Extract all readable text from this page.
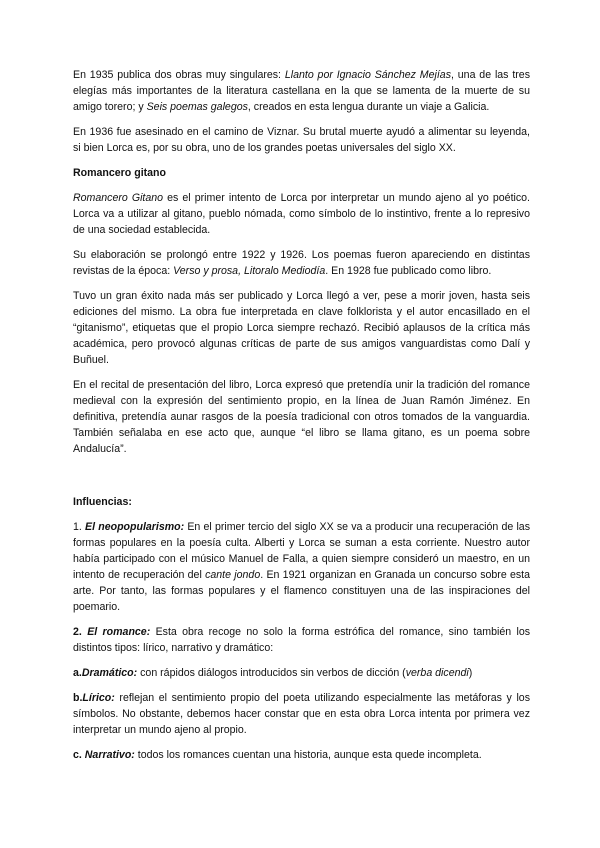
En 1935 publica dos obras muy singulares: Llanto por Ignacio Sánchez Mejías, una de las tres elegías más importantes de la literatura castellana en la que se lamenta de la muerte de su amigo torero; y Seis poemas galegos, creados en esta lengua durante un viaje a Galicia.

En 1936 fue asesinado en el camino de Viznar. Su brutal muerte ayudó a alimentar su leyenda, si bien Lorca es, por su obra, uno de los grandes poetas universales del siglo XX.

Romancero gitano

Romancero Gitano es el primer intento de Lorca por interpretar un mundo ajeno al yo poético. Lorca va a utilizar al gitano, pueblo nómada, como símbolo de lo instintivo, frente a lo represivo de una sociedad establecida.

Su elaboración se prolongó entre 1922 y 1926. Los poemas fueron apareciendo en distintas revistas de la época: Verso y prosa, Litoralo Mediodía. En 1928 fue publicado como libro.

Tuvo un gran éxito nada más ser publicado y Lorca llegó a ver, pese a morir joven, hasta seis ediciones del mismo. La obra fue interpretada en clave folklorista y el autor encasillado en el “gitanismo”, etiquetas que el propio Lorca siempre rechazó. Recibió aplausos de la crítica más académica, pero provocó algunas críticas de parte de sus amigos vanguardistas como Dalí y Buñuel.

En el recital de presentación del libro, Lorca expresó que pretendía unir la tradición del romance medieval con la expresión del sentimiento propio, en la línea de Juan Ramón Jiménez. En definitiva, pretendía aunar rasgos de la poesía tradicional con otros tomados de la vanguardia. También señalaba en ese acto que, aunque “el libro se llama gitano, es un poema sobre Andalucía”.

Influencias:

1. El neopopularismo: En el primer tercio del siglo XX se va a producir una recuperación de las formas populares en la poesía culta. Alberti y Lorca se suman a esta corriente. Nuestro autor había participado con el músico Manuel de Falla, a quien siempre consideró un maestro, en un intento de recuperación del cante jondo. En 1921 organizan en Granada un concurso sobre esta arte. Por tanto, las formas populares y el flamenco constituyen una de las inspiraciones del poemario.

2. El romance: Esta obra recoge no solo la forma estrófica del romance, sino también los distintos tipos: lírico, narrativo y dramático:

a.Dramático: con rápidos diálogos introducidos sin verbos de dicción (verba dicendi)

b.Lírico: reflejan el sentimiento propio del poeta utilizando especialmente las metáforas y los símbolos. No obstante, debemos hacer constar que en esta obra Lorca intenta por primera vez interpretar un mundo ajeno al propio.

c. Narrativo: todos los romances cuentan una historia, aunque esta quede incompleta.
